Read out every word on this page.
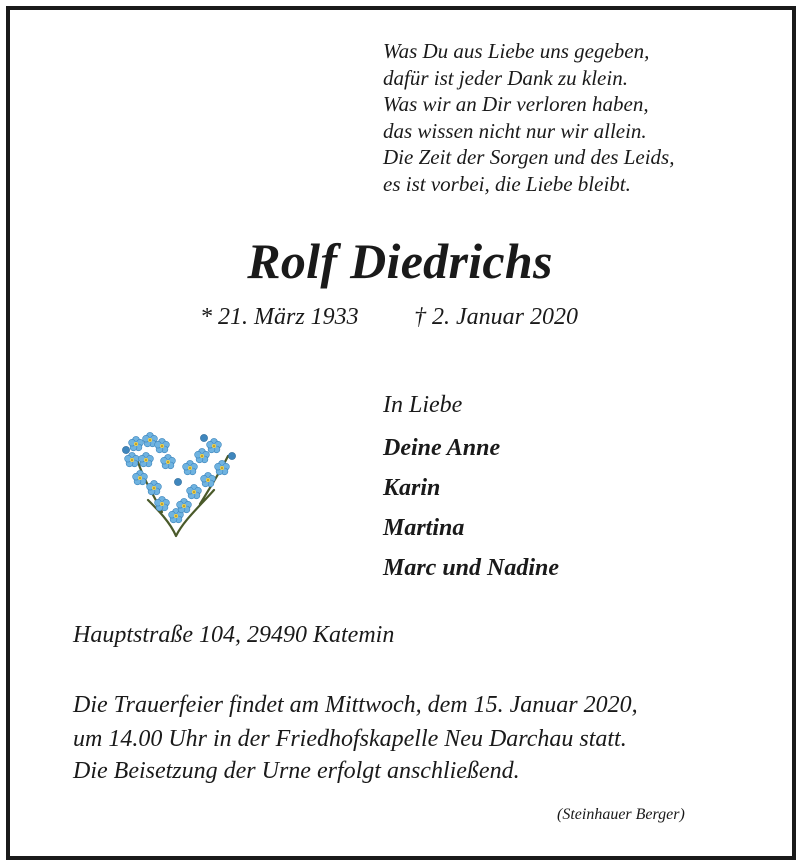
Was Du aus Liebe uns gegeben,
dafür ist jeder Dank zu klein.
Was wir an Dir verloren haben,
das wissen nicht nur wir allein.
Die Zeit der Sorgen und des Leids,
es ist vorbei, die Liebe bleibt.
Rolf Diedrichs
* 21. März 1933 † 2. Januar 2020
In Liebe
Deine Anne
Karin
Martina
Marc und Nadine
Hauptstraße 104, 29490 Katemin
Die Trauerfeier findet am Mittwoch, dem 15. Januar 2020,
um 14.00 Uhr in der Friedhofskapelle Neu Darchau statt.
Die Beisetzung der Urne erfolgt anschließend.
(Steinhauer Berger)
